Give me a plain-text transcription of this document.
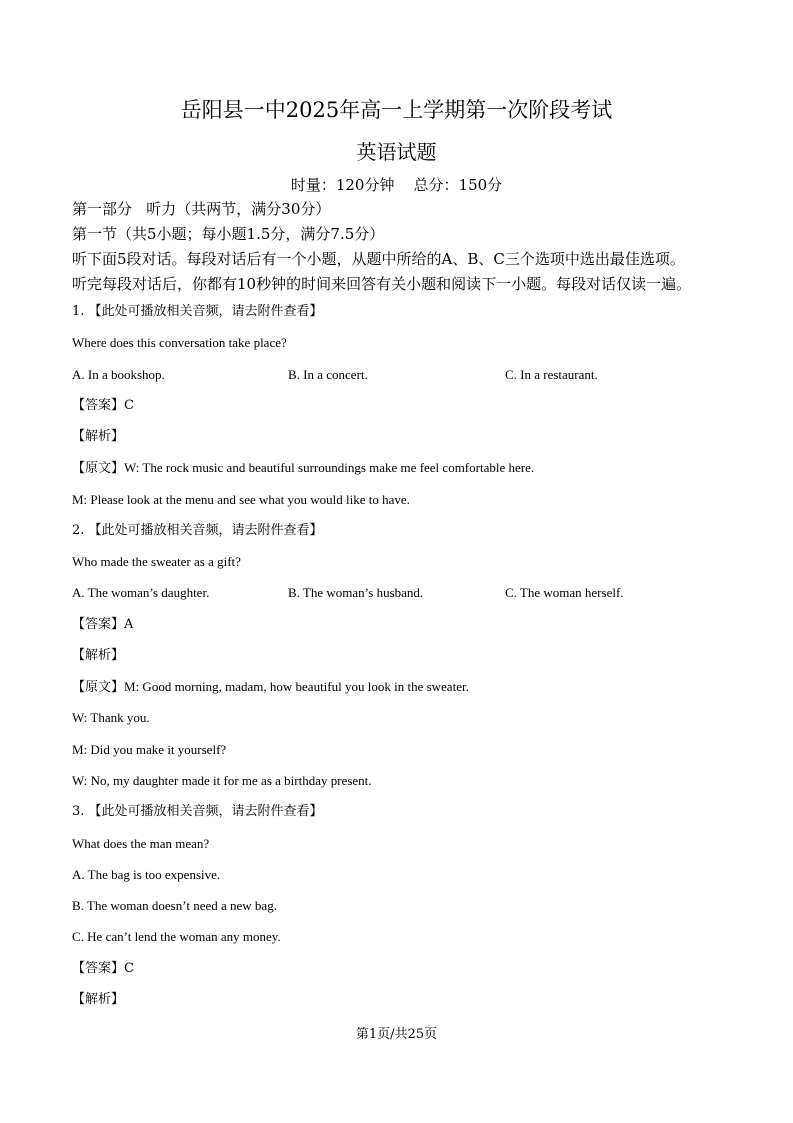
岳阳县一中2025年高一上学期第一次阶段考试
英语试题
时量：120分钟    总分：150分
第一部分   听力（共两节，满分30分）
第一节（共5小题；每小题1.5分，满分7.5分）
听下面5段对话。每段对话后有一个小题，从题中所给的A、B、C三个选项中选出最佳选项。
听完每段对话后，你都有10秒钟的时间来回答有关小题和阅读下一小题。每段对话仅读一遍。
1. 【此处可播放相关音频，请去附件查看】
Where does this conversation take place?
A. In a bookshop.	B. In a concert.	C. In a restaurant.
【答案】C
【解析】
【原文】W: The rock music and beautiful surroundings make me feel comfortable here.
M: Please look at the menu and see what you would like to have.
2. 【此处可播放相关音频，请去附件查看】
Who made the sweater as a gift?
A. The woman’s daughter.	B. The woman’s husband.	C. The woman herself.
【答案】A
【解析】
【原文】M: Good morning, madam, how beautiful you look in the sweater.
W: Thank you.
M: Did you make it yourself?
W: No, my daughter made it for me as a birthday present.
3. 【此处可播放相关音频，请去附件查看】
What does the man mean?
A. The bag is too expensive.
B. The woman doesn’t need a new bag.
C. He can’t lend the woman any money.
【答案】C
【解析】
第1页/共25页
